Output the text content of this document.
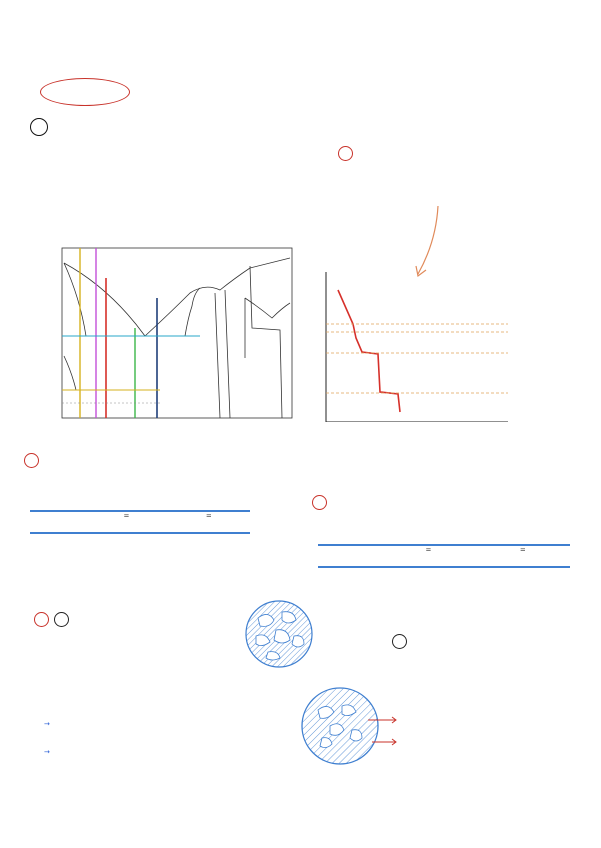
	=	=

	=	=
→
→
